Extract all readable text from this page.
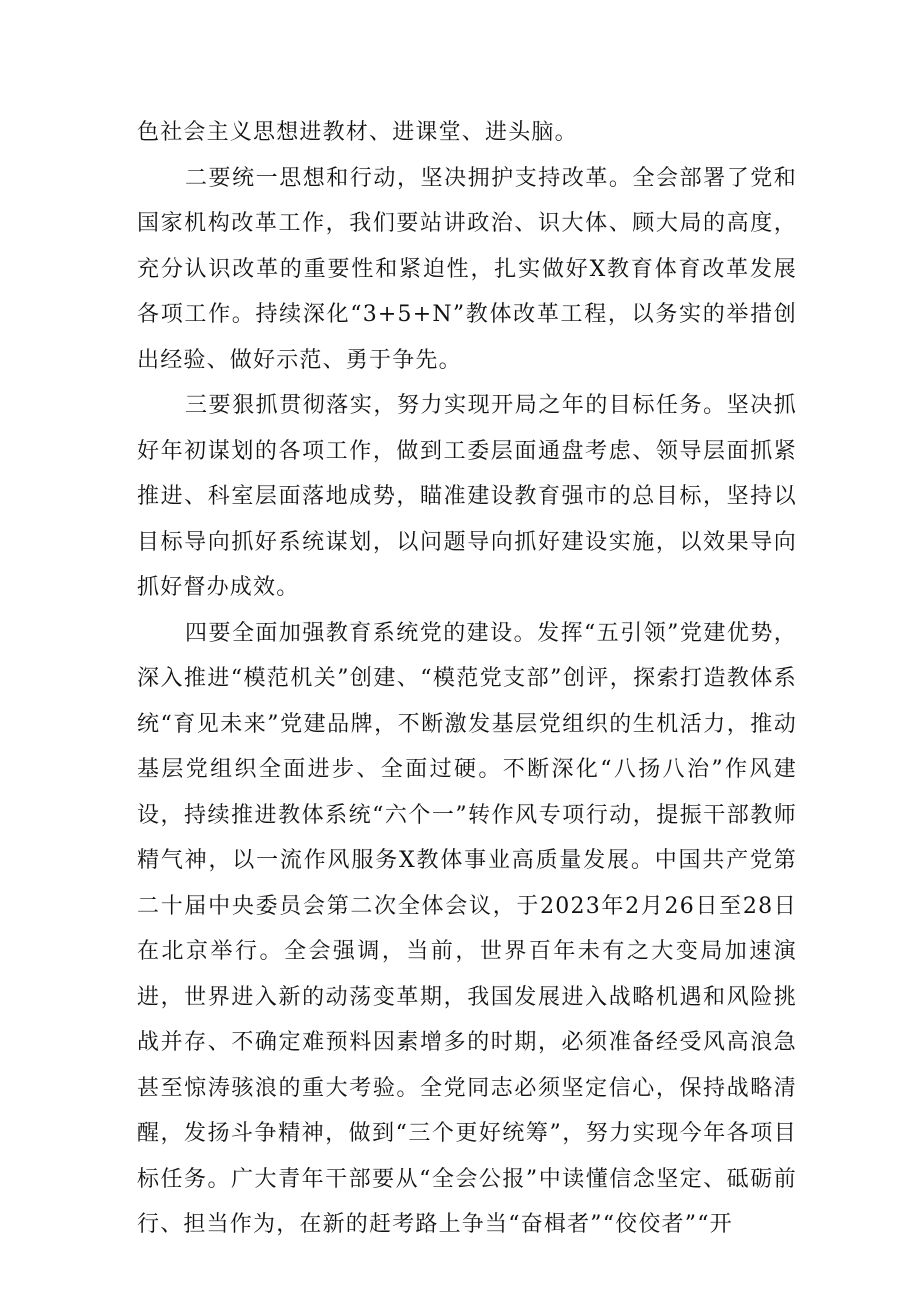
色社会主义思想进教材、进课堂、进头脑。

二要统一思想和行动，坚决拥护支持改革。全会部署了党和国家机构改革工作，我们要站讲政治、识大体、顾大局的高度，充分认识改革的重要性和紧迫性，扎实做好X教育体育改革发展各项工作。持续深化“3+5+N”教体改革工程，以务实的举措创出经验、做好示范、勇于争先。

三要狠抓贯彻落实，努力实现开局之年的目标任务。坚决抓好年初谋划的各项工作，做到工委层面通盘考虑、领导层面抓紧推进、科室层面落地成势，瞄准建设教育强市的总目标，坚持以目标导向抓好系统谋划，以问题导向抓好建设实施，以效果导向抓好督办成效。

四要全面加强教育系统党的建设。发挥“五引领”党建优势，深入推进“模范机关”创建、“模范党支部”创评，探索打造教体系统“育见未来”党建品牌，不断激发基层党组织的生机活力，推动基层党组织全面进步、全面过硬。不断深化“八扬八治”作风建设，持续推进教体系统“六个一”转作风专项行动，提振干部教师精气神，以一流作风服务X教体事业高质量发展。中国共产党第二十届中央委员会第二次全体会议，于2023年2月26日至28日在北京举行。全会强调，当前，世界百年未有之大变局加速演进，世界进入新的动荡变革期，我国发展进入战略机遇和风险挑战并存、不确定难预料因素增多的时期，必须准备经受风高浪急甚至惊涛骇浪的重大考验。全党同志必须坚定信心，保持战略清醒，发扬斗争精神，做到“三个更好统筹”，努力实现今年各项目标任务。广大青年干部要从“全会公报”中读懂信念坚定、砥砺前行、担当作为，在新的赶考路上争当“奋楫者”“佼佼者”“开
